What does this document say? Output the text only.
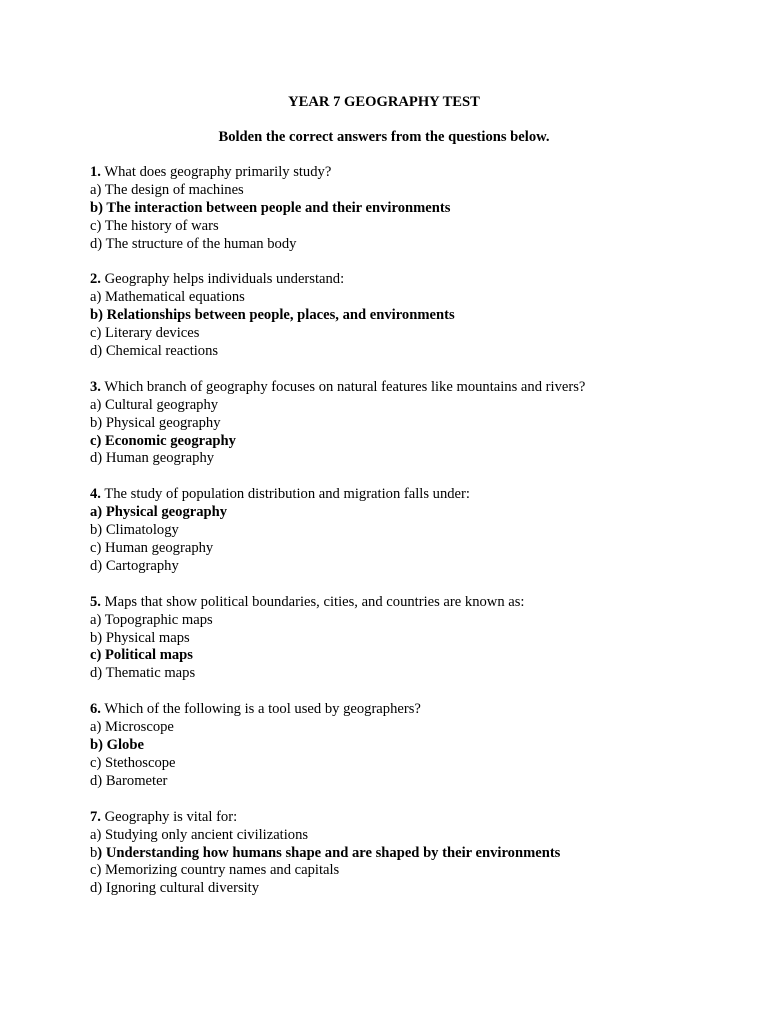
YEAR 7 GEOGRAPHY TEST
Bolden the correct answers from the questions below.
1. What does geography primarily study?
a) The design of machines
b) The interaction between people and their environments
c) The history of wars
d) The structure of the human body
2. Geography helps individuals understand:
a) Mathematical equations
b) Relationships between people, places, and environments
c) Literary devices
d) Chemical reactions
3. Which branch of geography focuses on natural features like mountains and rivers?
a) Cultural geography
b) Physical geography
c) Economic geography
d) Human geography
4. The study of population distribution and migration falls under:
a) Physical geography
b) Climatology
c) Human geography
d) Cartography
5. Maps that show political boundaries, cities, and countries are known as:
a) Topographic maps
b) Physical maps
c) Political maps
d) Thematic maps
6. Which of the following is a tool used by geographers?
a) Microscope
b) Globe
c) Stethoscope
d) Barometer
7. Geography is vital for:
a) Studying only ancient civilizations
b) Understanding how humans shape and are shaped by their environments
c) Memorizing country names and capitals
d) Ignoring cultural diversity
